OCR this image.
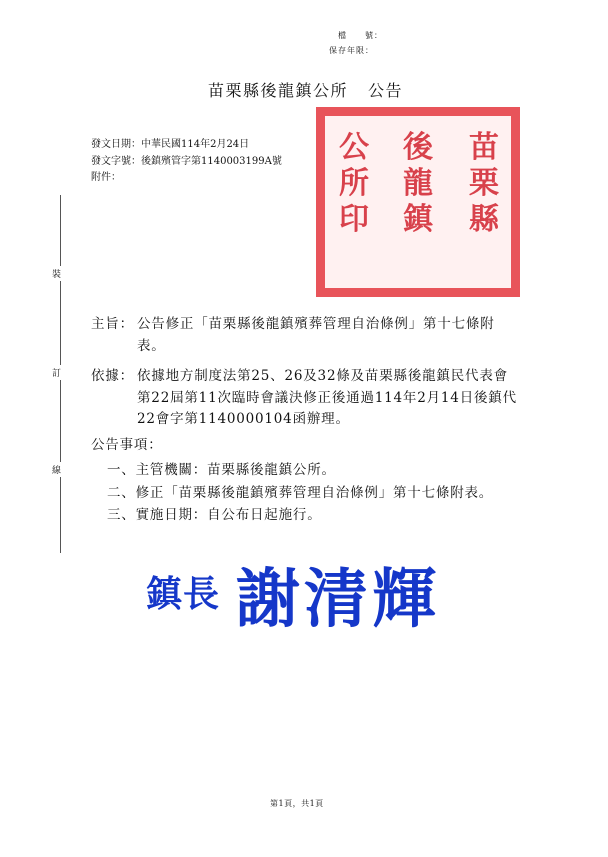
檔　　號：
保存年限：
苗栗縣後龍鎮公所 公告
發文日期：中華民國114年2月24日
發文字號：後鎮殯管字第1140003199A號
附件：
裝
訂
線
苗
栗
縣
後
龍
鎮
公
所
印
主旨： 公告修正「苗栗縣後龍鎮殯葬管理自治條例」第十七條附
表。
依據： 依據地方制度法第25、26及32條及苗栗縣後龍鎮民代表會
第22屆第11次臨時會議決修正後通過114年2月14日後鎮代
22會字第1140000104函辦理。
公告事項：
一、主管機關：苗栗縣後龍鎮公所。
二、修正「苗栗縣後龍鎮殯葬管理自治條例」第十七條附表。
三、實施日期：自公布日起施行。
鎮長 謝清輝
第1頁，共1頁
